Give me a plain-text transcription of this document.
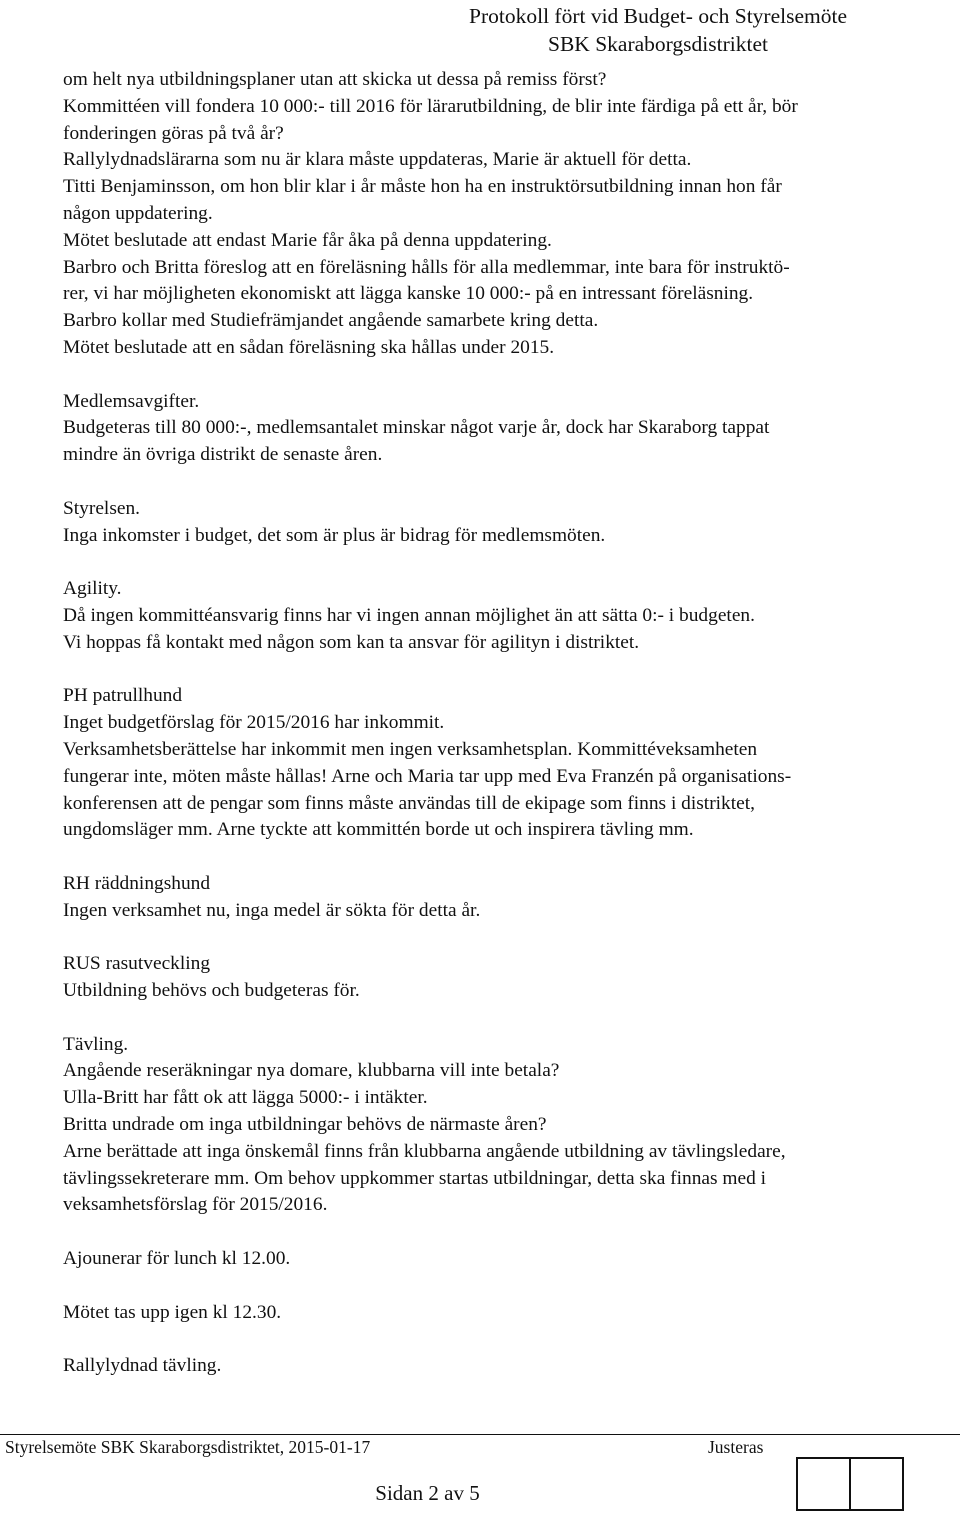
Protokoll fört vid Budget- och Styrelsemöte
SBK Skaraborgsdistriktet

om helt nya utbildningsplaner utan att skicka ut dessa på remiss först?

Kommittéen vill fondera 10 000:- till 2016 för lärarutbildning, de blir inte färdiga på ett år, bör

fonderingen göras på två år?

Rallylydnadslärarna som nu är klara måste uppdateras, Marie är aktuell för detta.

Titti Benjaminsson, om hon blir klar i år måste hon ha en instruktörsutbildning innan hon får

någon uppdatering.

Mötet beslutade att endast Marie får åka på denna uppdatering.

Barbro och Britta föreslog att en föreläsning hålls för alla medlemmar, inte bara för instruktö-

rer, vi har möjligheten ekonomiskt att lägga kanske 10 000:- på en intressant föreläsning.

Barbro kollar med Studiefrämjandet angående samarbete kring detta.

Mötet beslutade att en sådan föreläsning ska hållas under 2015.

Medlemsavgifter.

Budgeteras till 80 000:-, medlemsantalet minskar något varje år, dock har Skaraborg tappat

mindre än övriga distrikt de senaste åren.

Styrelsen.

Inga inkomster i budget, det som är plus är bidrag för medlemsmöten.

Agility.

Då ingen kommittéansvarig finns har vi ingen annan möjlighet än att sätta 0:- i budgeten.

Vi hoppas få kontakt med någon som kan ta ansvar för agilityn i distriktet.

PH patrullhund

Inget budgetförslag för 2015/2016 har inkommit.

Verksamhetsberättelse har inkommit men ingen verksamhetsplan. Kommittéveksamheten

fungerar inte, möten måste hållas! Arne och Maria tar upp med Eva Franzén på organisations-

konferensen att de pengar som finns måste användas till de ekipage som finns i distriktet,

ungdomsläger mm. Arne tyckte att kommittén borde ut och inspirera tävling mm.

RH räddningshund

Ingen verksamhet nu, inga medel är sökta för detta år.

RUS rasutveckling

Utbildning behövs och budgeteras för.

Tävling.

Angående reseräkningar nya domare, klubbarna vill inte betala?

Ulla-Britt har fått ok att lägga 5000:- i intäkter.

Britta undrade om inga utbildningar behövs de närmaste åren?

Arne berättade att inga önskemål finns från klubbarna angående utbildning av tävlingsledare,

tävlingssekreterare mm. Om behov uppkommer startas utbildningar, detta ska finnas med i

veksamhetsförslag för 2015/2016.

Ajounerar för lunch kl 12.00.

Mötet tas upp igen kl 12.30.

Rallylydnad tävling.

Styrelsemöte SBK Skaraborgsdistriktet, 2015-01-17	Justeras
Sidan 2 av 5
